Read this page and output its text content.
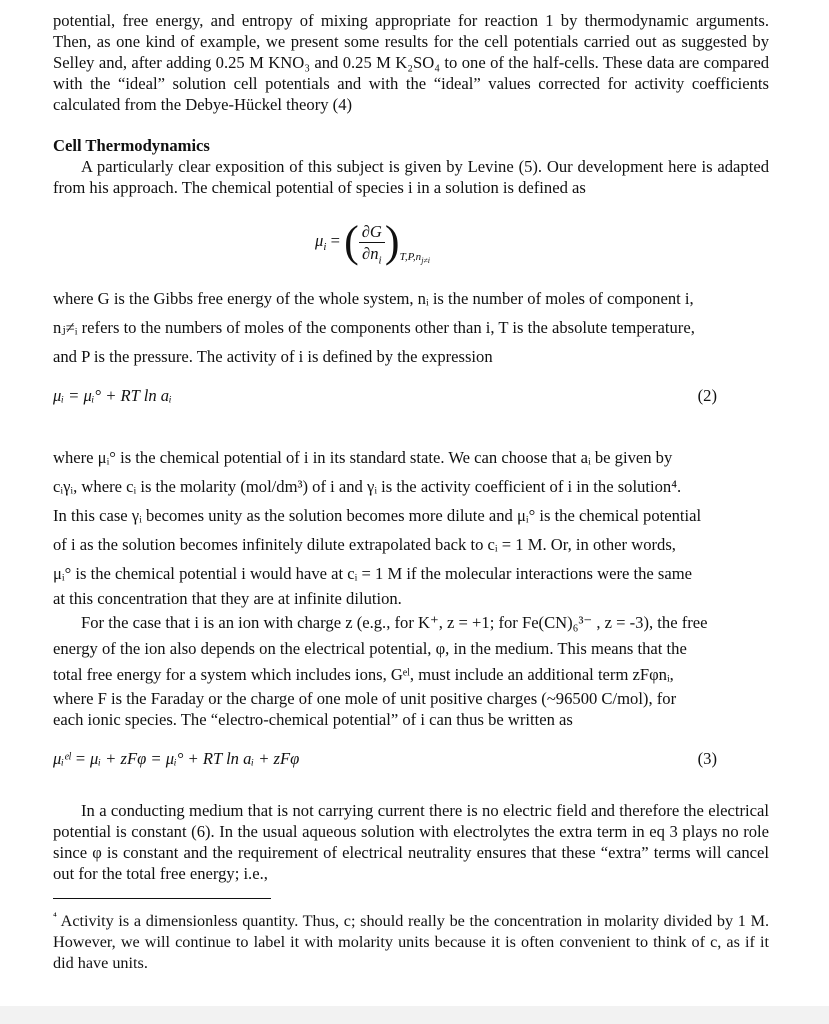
potential, free energy, and entropy of mixing appropriate for reaction 1 by thermodynamic arguments. Then, as one kind of example, we present some results for the cell potentials carried out as suggested by Selley and, after adding 0.25 M KNO₃ and 0.25 M K₂SO₄ to one of the half-cells. These data are compared with the “ideal” solution cell potentials and with the “ideal” values corrected for activity coefficients calculated from the Debye-Hückel theory (4)

Cell Thermodynamics

A particularly clear exposition of this subject is given by Levine (5). Our development here is adapted from his approach. The chemical potential of species i in a solution is defined as

$\mu_i$ = ( $\frac{\partial G}{\partial n_i} )_{T,P,n_{j\ne i}}$

where G is the Gibbs free energy of the whole system, nᵢ is the number of moles of component i,

nⱼ≠ᵢ refers to the numbers of moles of the components other than i, T is the absolute temperature,

and P is the pressure. The activity of i is defined by the expression

μᵢ = μᵢ° + RT ln aᵢ	(2)

where μᵢ° is the chemical potential of i in its standard state. We can choose that aᵢ be given by

cᵢγᵢ, where cᵢ is the molarity (mol/dm³) of i and γᵢ is the activity coefficient of i in the solution⁴.

In this case γᵢ becomes unity as the solution becomes more dilute and μᵢ° is the chemical potential

of i as the solution becomes infinitely dilute extrapolated back to cᵢ = 1 M. Or, in other words,

μᵢ° is the chemical potential i would have at cᵢ = 1 M if the molecular interactions were the same

at this concentration that they are at infinite dilution.

For the case that i is an ion with charge z (e.g., for K⁺, z = +1; for Fe(CN)₆³⁻ , z = -3), the free

energy of the ion also depends on the electrical potential, φ, in the medium. This means that the

total free energy for a system which includes ions, Gᵉˡ, must include an additional term zFφnᵢ,

where F is the Faraday or the charge of one mole of unit positive charges (~96500 C/mol), for

each ionic species. The “electro-chemical potential” of i can thus be written as

μᵢᵉˡ = μᵢ + zFφ = μᵢ° + RT ln aᵢ + zFφ	(3)

In a conducting medium that is not carrying current there is no electric field and therefore the electrical potential is constant (6). In the usual aqueous solution with electrolytes the extra term in eq 3 plays no role since φ is constant and the requirement of electrical neutrality ensures that these “extra” terms will cancel out for the total free energy; i.e.,

$^{^4}$ Activity is a dimensionless quantity. Thus, c; should really be the concentration in molarity divided by 1 M. However, we will continue to label it with molarity units because it is often convenient to think of c, as if it did have units.
